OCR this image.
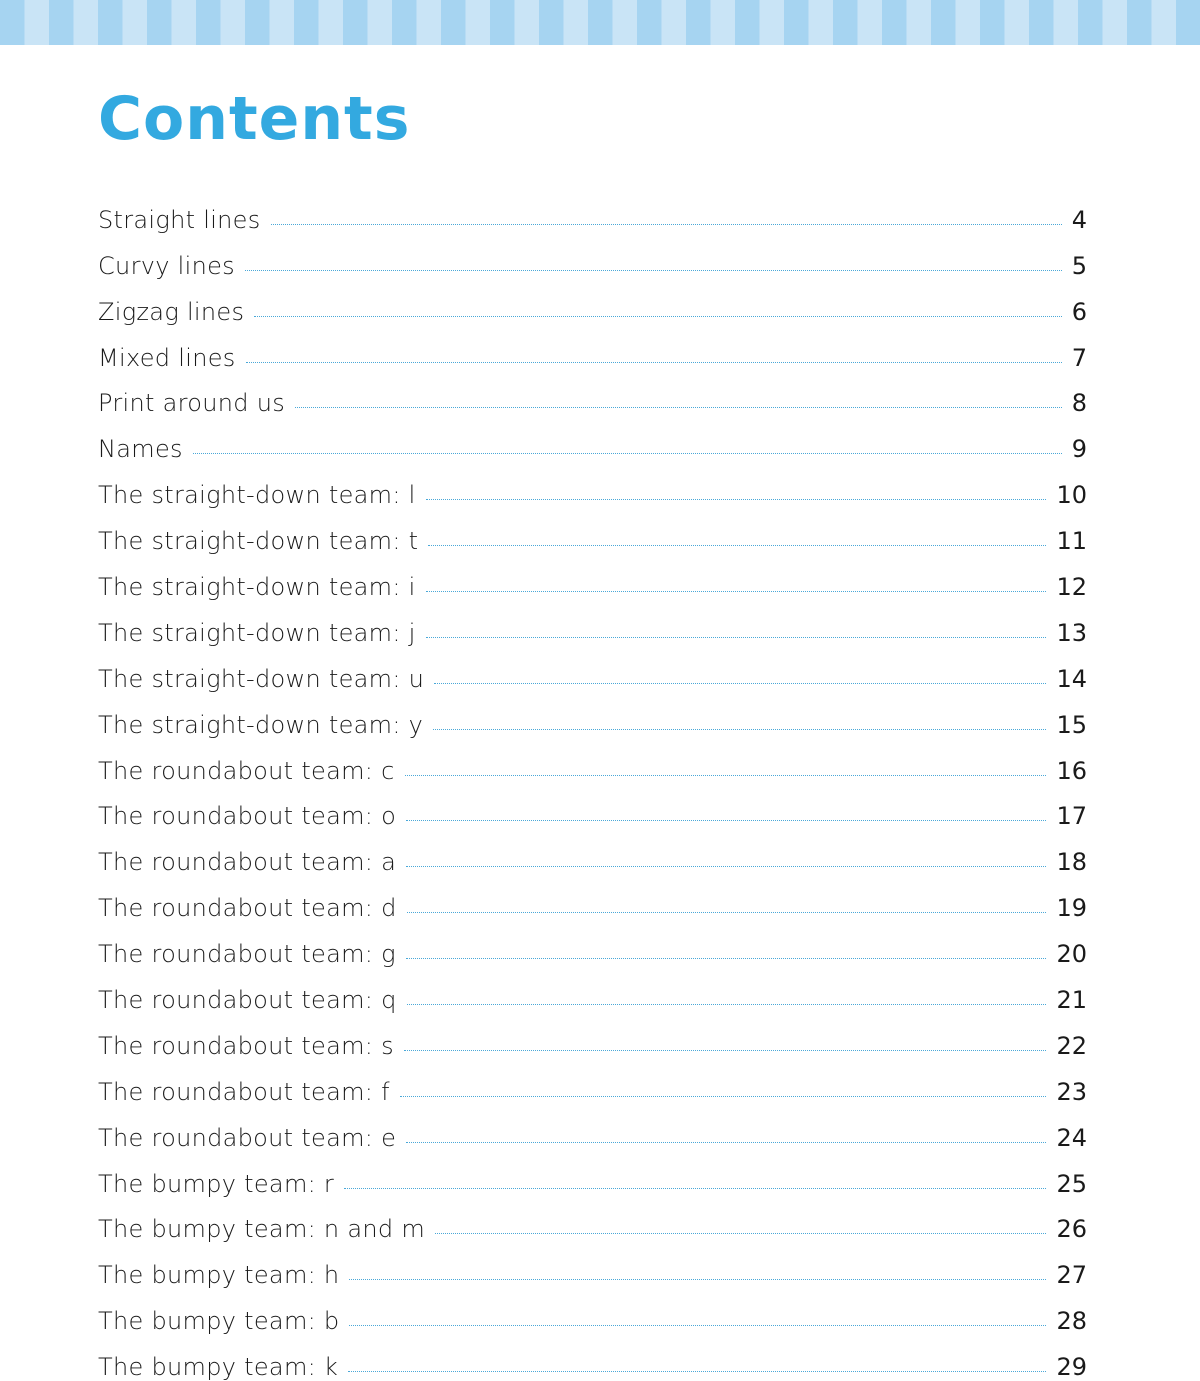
Contents
Straight lines	4
Curvy lines	5
Zigzag lines	6
Mixed lines	7
Print around us	8
Names	9
The straight-down team: l	10
The straight-down team: t	11
The straight-down team: i	12
The straight-down team: j	13
The straight-down team: u	14
The straight-down team: y	15
The roundabout team: c	16
The roundabout team: o	17
The roundabout team: a	18
The roundabout team: d	19
The roundabout team: g	20
The roundabout team: q	21
The roundabout team: s	22
The roundabout team: f	23
The roundabout team: e	24
The bumpy team: r	25
The bumpy team: n and m	26
The bumpy team: h	27
The bumpy team: b	28
The bumpy team: k	29
